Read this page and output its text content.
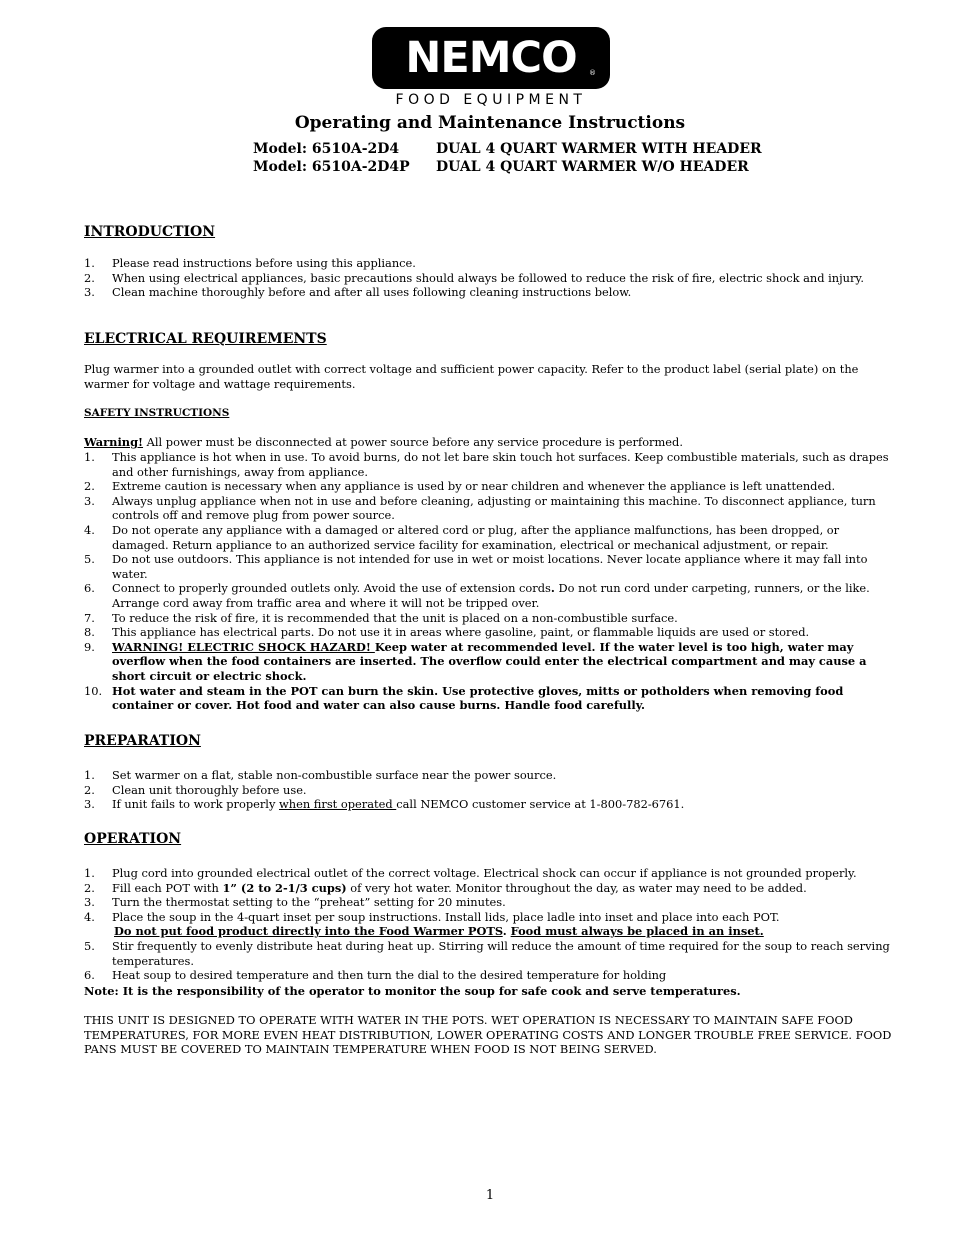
NEMCO ®
FOOD EQUIPMENT
Operating and Maintenance Instructions
Model: 6510A-2D4	DUAL 4 QUART WARMER WITH HEADER
Model: 6510A-2D4P DUAL 4 QUART WARMER W/O HEADER
INTRODUCTION
1. Please read instructions before using this appliance.
2. When using electrical appliances, basic precautions should always be followed to reduce the risk of fire, electric shock and injury.
3. Clean machine thoroughly before and after all uses following cleaning instructions below.
ELECTRICAL REQUIREMENTS

Plug warmer into a grounded outlet with correct voltage and sufficient power capacity. Refer to the product label (serial plate) on the warmer for voltage and wattage requirements.

SAFETY INSTRUCTIONS

Warning! All power must be disconnected at power source before any service procedure is performed.

1. This appliance is hot when in use. To avoid burns, do not let bare skin touch hot surfaces. Keep combustible materials, such as drapes and other furnishings, away from appliance.
2. Extreme caution is necessary when any appliance is used by or near children and whenever the appliance is left unattended.
3. Always unplug appliance when not in use and before cleaning, adjusting or maintaining this machine. To disconnect appliance, turn controls off and remove plug from power source.
4. Do not operate any appliance with a damaged or altered cord or plug, after the appliance malfunctions, has been dropped, or damaged. Return appliance to an authorized service facility for examination, electrical or mechanical adjustment, or repair.
5. Do not use outdoors. This appliance is not intended for use in wet or moist locations. Never locate appliance where it may fall into water.
6. Connect to properly grounded outlets only. Avoid the use of extension cords. Do not run cord under carpeting, runners, or the like. Arrange cord away from traffic area and where it will not be tripped over.
7. To reduce the risk of fire, it is recommended that the unit is placed on a non-combustible surface.
8. This appliance has electrical parts. Do not use it in areas where gasoline, paint, or flammable liquids are used or stored.
9. WARNING! ELECTRIC SHOCK HAZARD! Keep water at recommended level. If the water level is too high, water may overflow when the food containers are inserted. The overflow could enter the electrical compartment and may cause a short circuit or electric shock.
10. Hot water and steam in the POT can burn the skin. Use protective gloves, mitts or potholders when removing food container or cover. Hot food and water can also cause burns. Handle food carefully.
PREPARATION
1. Set warmer on a flat, stable non-combustible surface near the power source.
2. Clean unit thoroughly before use.
3. If unit fails to work properly when first operated call NEMCO customer service at 1-800-782-6761.
OPERATION
1. Plug cord into grounded electrical outlet of the correct voltage. Electrical shock can occur if appliance is not grounded properly.
2. Fill each POT with 1” (2 to 2-1/3 cups) of very hot water. Monitor throughout the day, as water may need to be added.
3. Turn the thermostat setting to the “preheat” setting for 20 minutes.
4. Place the soup in the 4-quart inset per soup instructions. Install lids, place ladle into inset and place into each POT.
Do not put food product directly into the Food Warmer POTS. Food must always be placed in an inset.
5. Stir frequently to evenly distribute heat during heat up. Stirring will reduce the amount of time required for the soup to reach serving temperatures.
6. Heat soup to desired temperature and then turn the dial to the desired temperature for holding

Note: It is the responsibility of the operator to monitor the soup for safe cook and serve temperatures.

THIS UNIT IS DESIGNED TO OPERATE WITH WATER IN THE POTS. WET OPERATION IS NECESSARY TO MAINTAIN SAFE FOOD TEMPERATURES, FOR MORE EVEN HEAT DISTRIBUTION, LOWER OPERATING COSTS AND LONGER TROUBLE FREE SERVICE. FOOD PANS MUST BE COVERED TO MAINTAIN TEMPERATURE WHEN FOOD IS NOT BEING SERVED.

1
